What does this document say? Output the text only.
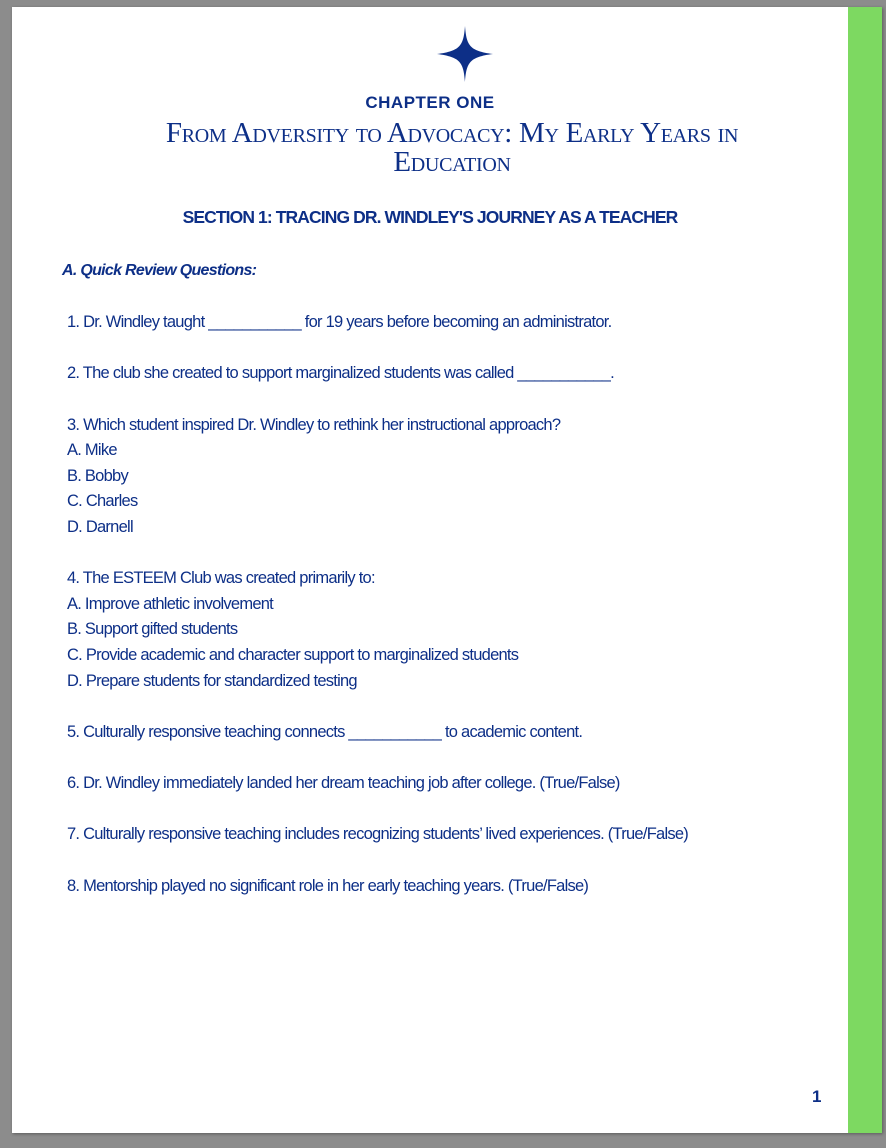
CHAPTER ONE
From Adversity to Advocacy: My Early Years in
Education
SECTION 1: TRACING DR. WINDLEY'S JOURNEY AS A TEACHER
A. Quick Review Questions:
1. Dr. Windley taught ___________ for 19 years before becoming an administrator.
2. The club she created to support marginalized students was called ___________.
3. Which student inspired Dr. Windley to rethink her instructional approach?
A. Mike
B. Bobby
C. Charles
D. Darnell
4. The ESTEEM Club was created primarily to:
A. Improve athletic involvement
B. Support gifted students
C. Provide academic and character support to marginalized students
D. Prepare students for standardized testing
5. Culturally responsive teaching connects ___________ to academic content.
6. Dr. Windley immediately landed her dream teaching job after college. (True/False)
7. Culturally responsive teaching includes recognizing students’ lived experiences. (True/False)
8. Mentorship played no significant role in her early teaching years. (True/False)
1
